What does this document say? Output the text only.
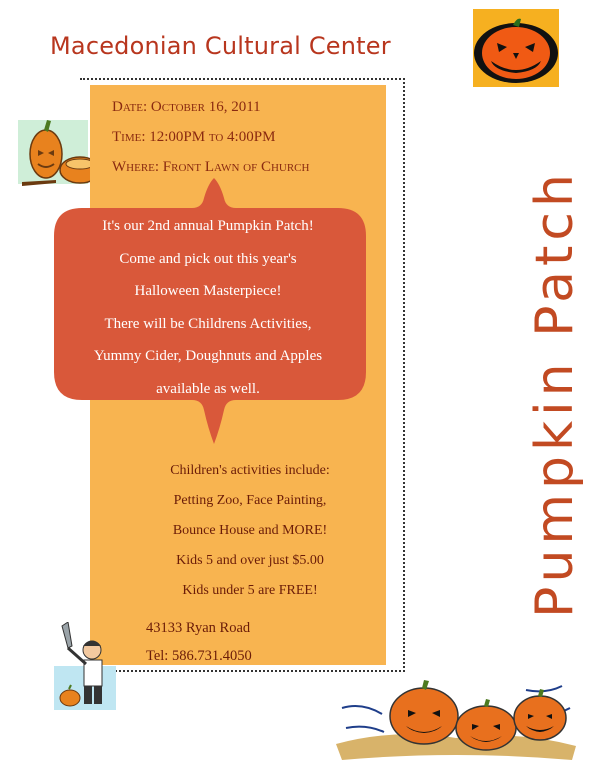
Macedonian Cultural Center
Date: October 16, 2011
Time: 12:00PM to 4:00PM
Where: Front Lawn of Church
It's our 2nd annual Pumpkin Patch!
Come and pick out this year's
Halloween Masterpiece!
There will be Childrens Activities,
Yummy Cider, Doughnuts and Apples
available as well.
Children's activities include:
Petting Zoo, Face Painting,
Bounce House and MORE!
Kids 5 and over just $5.00
Kids under 5 are FREE!
43133 Ryan Road
Tel: 586.731.4050
Pumpkin Patch
